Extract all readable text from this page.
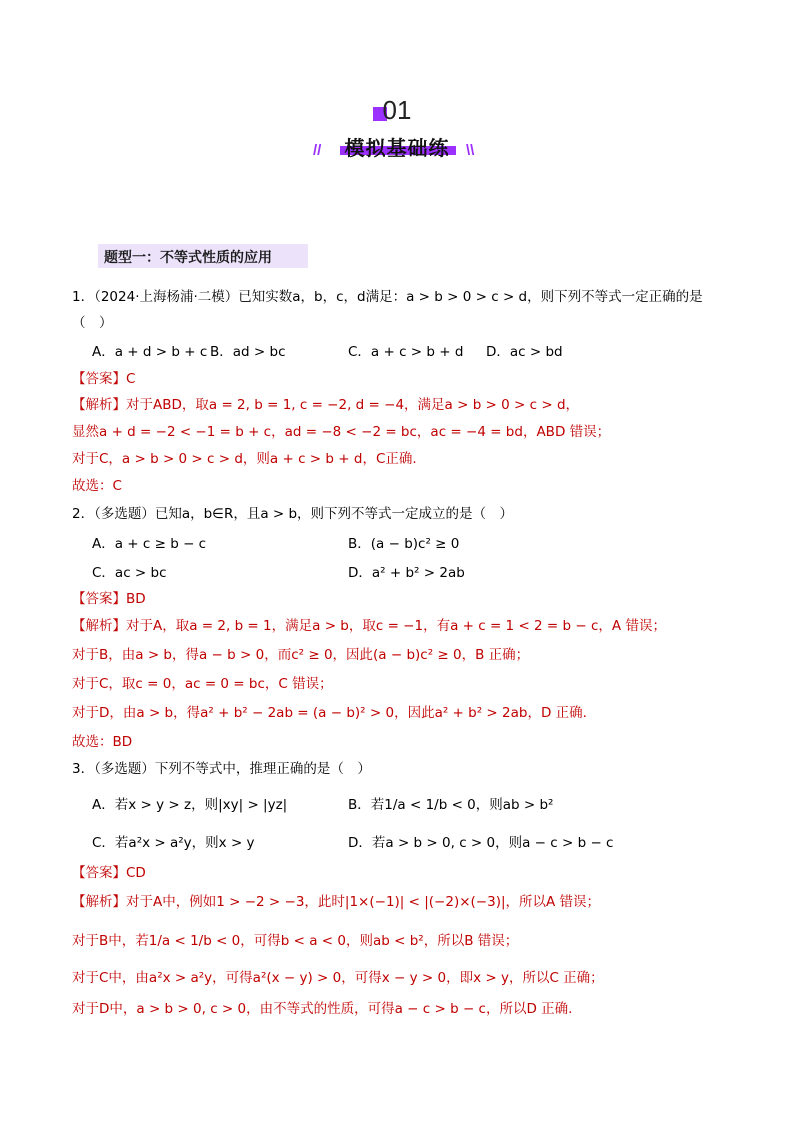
01
模拟基础练
//	\\
题型一：不等式性质的应用
1．（2024·上海杨浦·二模）已知实数a，b，c，d满足：a > b > 0 > c > d，则下列不等式一定正确的是
（　）
A．a + d > b + c B．ad > bc	C．a + c > b + d D．ac > bd
【答案】C
【解析】对于ABD，取a = 2, b = 1, c = −2, d = −4，满足a > b > 0 > c > d，
显然a + d = −2 < −1 = b + c，ad = −8 < −2 = bc，ac = −4 = bd，ABD 错误；
对于C，a > b > 0 > c > d，则a + c > b + d，C正确.
故选：C
2．（多选题）已知a，b∈R，且a > b，则下列不等式一定成立的是（　）
A．a + c ≥ b − c	B．(a − b)c² ≥ 0
C．ac > bc	D．a² + b² > 2ab
【答案】BD
【解析】对于A，取a = 2, b = 1，满足a > b，取c = −1，有a + c = 1 < 2 = b − c，A 错误；
对于B，由a > b，得a − b > 0，而c² ≥ 0，因此(a − b)c² ≥ 0，B 正确；
对于C，取c = 0，ac = 0 = bc，C 错误；
对于D，由a > b，得a² + b² − 2ab = (a − b)² > 0，因此a² + b² > 2ab，D 正确.
故选：BD
3．（多选题）下列不等式中，推理正确的是（　）
A．若x > y > z，则|xy| > |yz|	B．若1/a < 1/b < 0，则ab > b²
C．若a²x > a²y，则x > y	D．若a > b > 0, c > 0，则a − c > b − c
【答案】CD
【解析】对于A中，例如1 > −2 > −3，此时|1×(−1)| < |(−2)×(−3)|，所以A 错误；
对于B中，若1/a < 1/b < 0，可得b < a < 0，则ab < b²，所以B 错误；
对于C中，由a²x > a²y，可得a²(x − y) > 0，可得x − y > 0，即x > y，所以C 正确；
对于D中，a > b > 0, c > 0，由不等式的性质，可得a − c > b − c，所以D 正确.
